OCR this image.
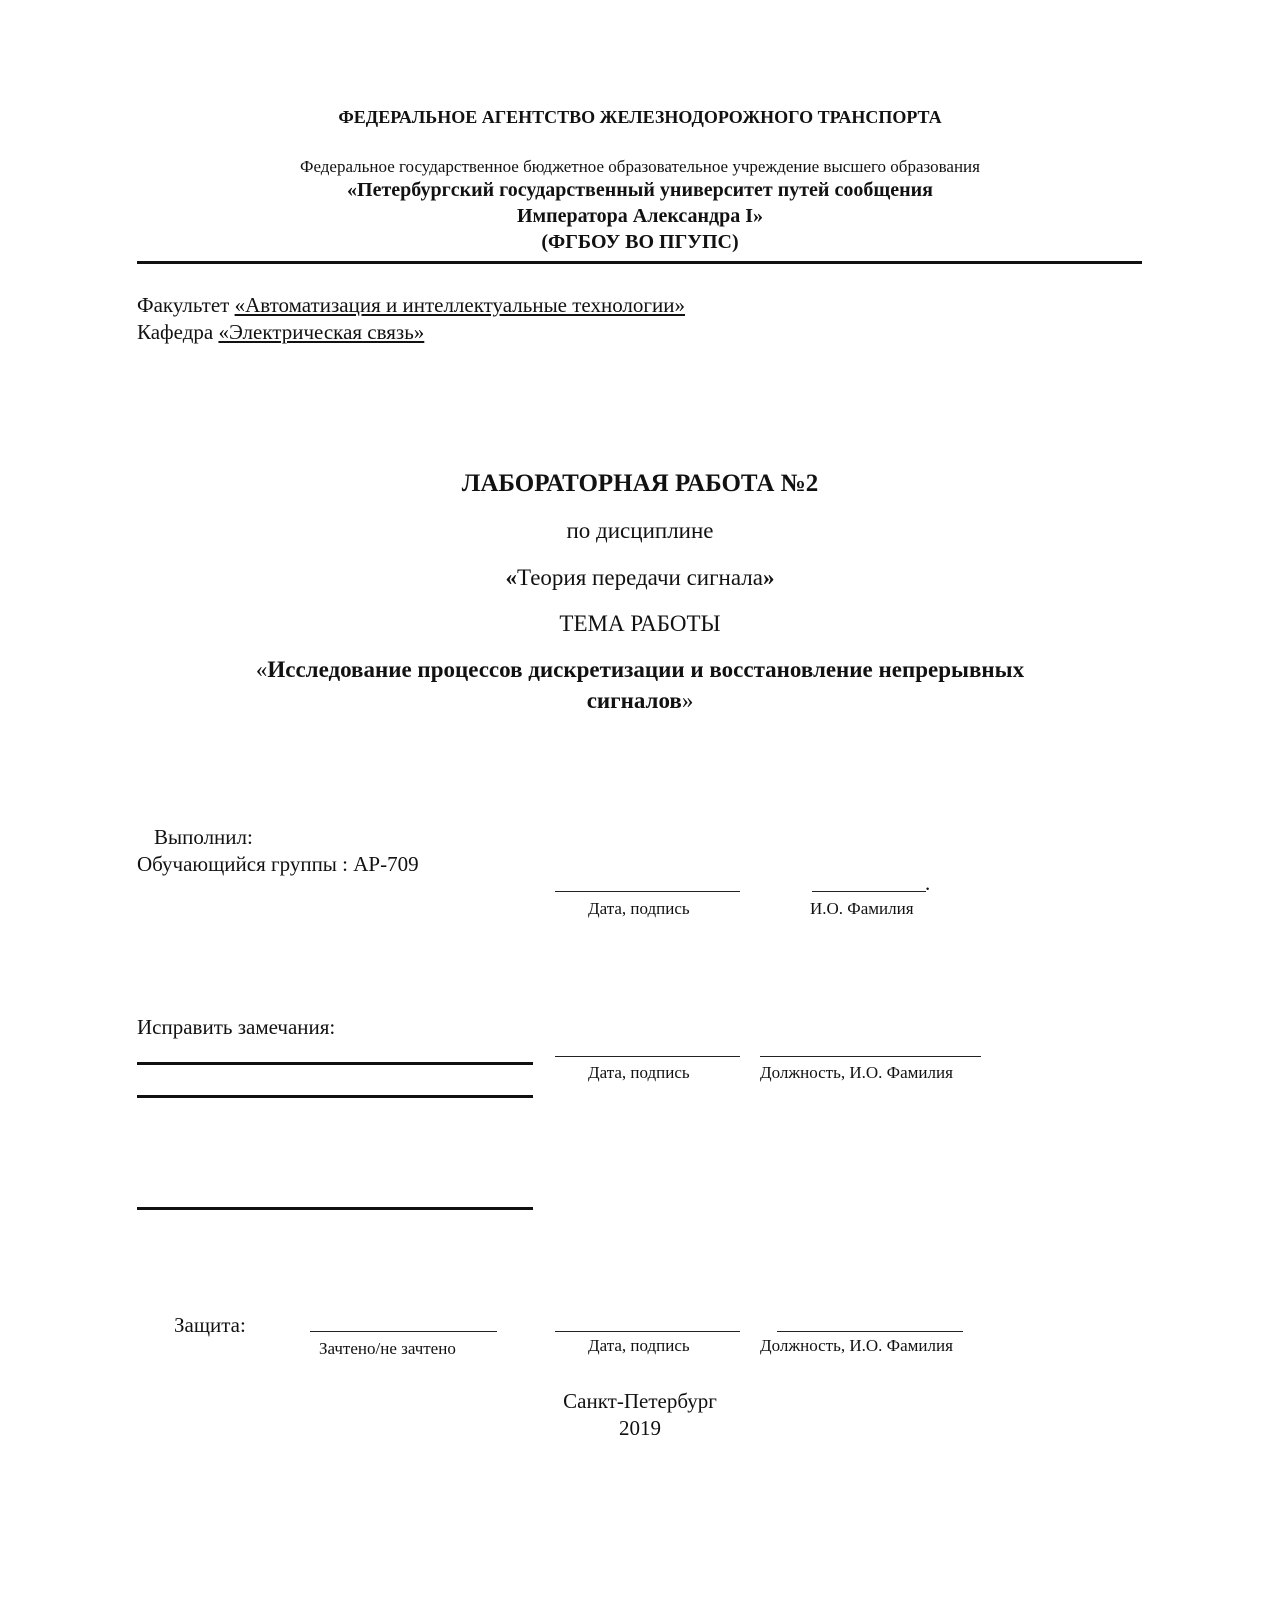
ФЕДЕРАЛЬНОЕ АГЕНТСТВО ЖЕЛЕЗНОДОРОЖНОГО ТРАНСПОРТА
Федеральное государственное бюджетное образовательное учреждение высшего образования
«Петербургский государственный университет путей сообщения
Императора Александра I»
(ФГБОУ ВО ПГУПС)
Факультет «Автоматизация и интеллектуальные технологии»
Кафедра «Электрическая связь»
ЛАБОРАТОРНАЯ РАБОТА №2
по дисциплине
«Теория передачи сигнала»
ТЕМА РАБОТЫ
«Исследование процессов дискретизации и восстановление непрерывных
сигналов»
Выполнил:
Обучающийся группы : АР-709
.
Дата, подпись	И.О. Фамилия
Исправить замечания:
Дата, подпись	Должность, И.О. Фамилия
Защита:
Зачтено/не зачтено	Дата, подпись	Должность, И.О. Фамилия
Санкт-Петербург
2019
